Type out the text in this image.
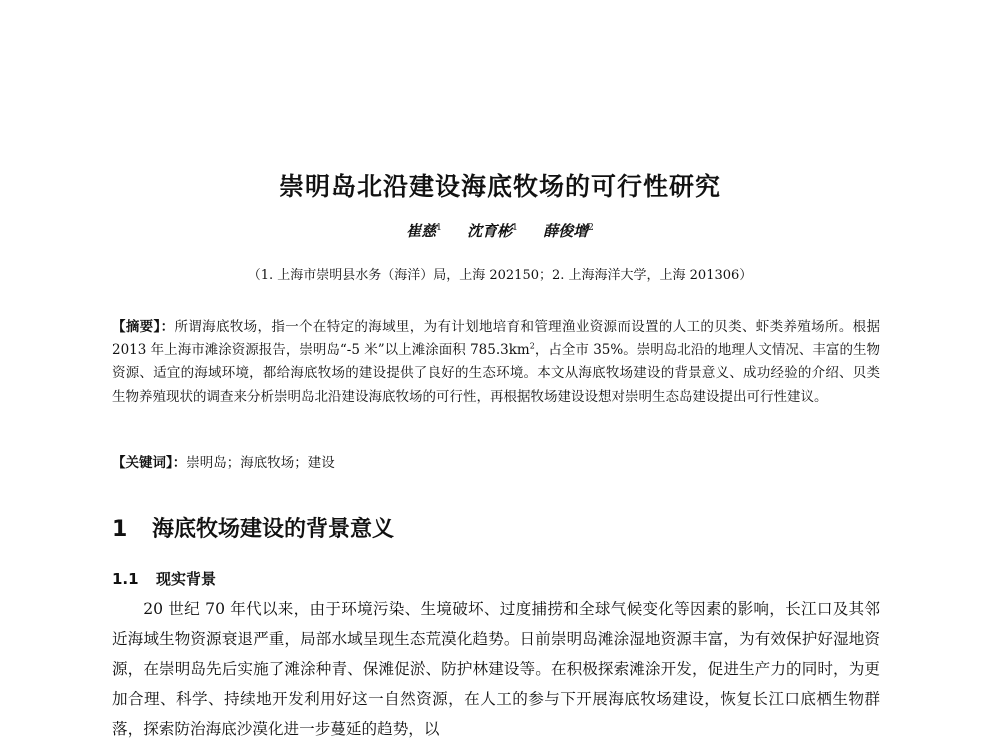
崇明岛北沿建设海底牧场的可行性研究
崔慈$^1$ 沈育彬$^1$ 薛俊增$^2$
（1. 上海市崇明县水务（海洋）局，上海 202150；2. 上海海洋大学，上海 201306）
【摘要】：所谓海底牧场，指一个在特定的海域里，为有计划地培育和管理渔业资源而设置的人工的贝类、虾类养殖场所。根据 2013 年上海市滩涂资源报告，崇明岛“-5 米”以上滩涂面积 $785.3km^2$，占全市 35%。崇明岛北沿的地理人文情况、丰富的生物资源、适宜的海域环境，都给海底牧场的建设提供了良好的生态环境。本文从海底牧场建设的背景意义、成功经验的介绍、贝类生物养殖现状的调查来分析崇明岛北沿建设海底牧场的可行性，再根据牧场建设设想对崇明生态岛建设提出可行性建议。
【关键词】：崇明岛；海底牧场；建设
1 海底牧场建设的背景意义
1.1 现实背景

20 世纪 70 年代以来，由于环境污染、生境破坏、过度捕捞和全球气候变化等因素的影响，长江口及其邻近海域生物资源衰退严重，局部水域呈现生态荒漠化趋势。日前崇明岛滩涂湿地资源丰富，为有效保护好湿地资源，在崇明岛先后实施了滩涂种青、保滩促淤、防护林建设等。在积极探索滩涂开发，促进生产力的同时，为更加合理、科学、持续地开发利用好这一自然资源，在人工的参与下开展海底牧场建设，恢复长江口底栖生物群落，探索防治海底沙漠化进一步蔓延的趋势，以
